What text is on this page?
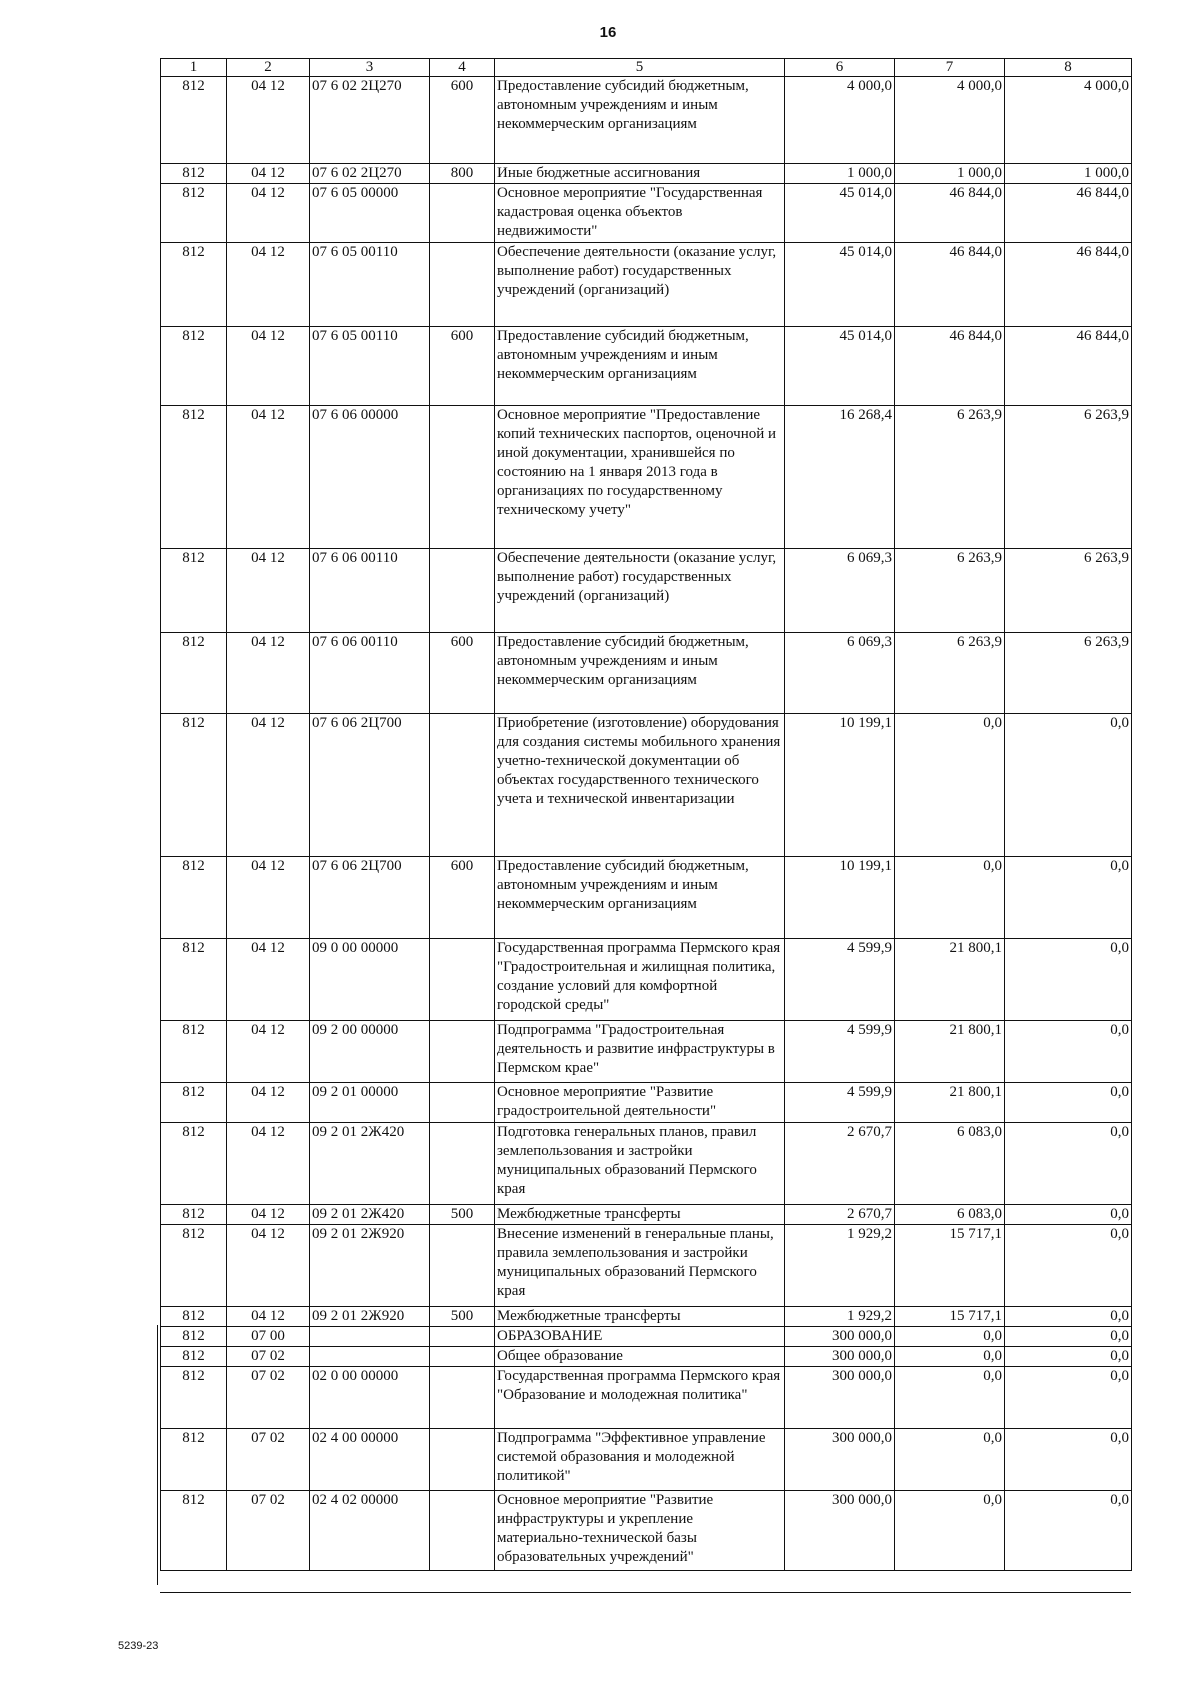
16
1	2	3	4	5	6	7	8
812	04 12	07 6 02 2Ц270	600	Предоставление субсидий бюджетным, автономным учреждениям и иным некоммерческим организациям	4 000,0	4 000,0	4 000,0
812	04 12	07 6 02 2Ц270	800	Иные бюджетные ассигнования	1 000,0	1 000,0	1 000,0
812	04 12	07 6 05 00000		Основное мероприятие "Государственная кадастровая оценка объектов недвижимости"	45 014,0	46 844,0	46 844,0
812	04 12	07 6 05 00110		Обеспечение деятельности (оказание услуг, выполнение работ) государственных учреждений (организаций)	45 014,0	46 844,0	46 844,0
812	04 12	07 6 05 00110	600	Предоставление субсидий бюджетным, автономным учреждениям и иным некоммерческим организациям	45 014,0	46 844,0	46 844,0
812	04 12	07 6 06 00000		Основное мероприятие "Предоставление копий технических паспортов, оценочной и иной документации, хранившейся по состоянию на 1 января 2013 года в организациях по государственному техническому учету"	16 268,4	6 263,9	6 263,9
812	04 12	07 6 06 00110		Обеспечение деятельности (оказание услуг, выполнение работ) государственных учреждений (организаций)	6 069,3	6 263,9	6 263,9
812	04 12	07 6 06 00110	600	Предоставление субсидий бюджетным, автономным учреждениям и иным некоммерческим организациям	6 069,3	6 263,9	6 263,9
812	04 12	07 6 06 2Ц700		Приобретение (изготовление) оборудования для создания системы мобильного хранения учетно-технической документации об объектах государственного технического учета и технической инвентаризации	10 199,1	0,0	0,0
812	04 12	07 6 06 2Ц700	600	Предоставление субсидий бюджетным, автономным учреждениям и иным некоммерческим организациям	10 199,1	0,0	0,0
812	04 12	09 0 00 00000		Государственная программа Пермского края "Градостроительная и жилищная политика, создание условий для комфортной городской среды"	4 599,9	21 800,1	0,0
812	04 12	09 2 00 00000		Подпрограмма "Градостроительная деятельность и развитие инфраструктуры в Пермском крае"	4 599,9	21 800,1	0,0
812	04 12	09 2 01 00000		Основное мероприятие "Развитие градостроительной деятельности"	4 599,9	21 800,1	0,0
812	04 12	09 2 01 2Ж420		Подготовка генеральных планов, правил землепользования и застройки муниципальных образований Пермского края	2 670,7	6 083,0	0,0
812	04 12	09 2 01 2Ж420	500	Межбюджетные трансферты	2 670,7	6 083,0	0,0
812	04 12	09 2 01 2Ж920		Внесение изменений в генеральные планы, правила землепользования и застройки муниципальных образований Пермского края	1 929,2	15 717,1	0,0
812	04 12	09 2 01 2Ж920	500	Межбюджетные трансферты	1 929,2	15 717,1	0,0
812	07 00			ОБРАЗОВАНИЕ	300 000,0	0,0	0,0
812	07 02			Общее образование	300 000,0	0,0	0,0
812	07 02	02 0 00 00000		Государственная программа Пермского края "Образование и молодежная политика"	300 000,0	0,0	0,0
812	07 02	02 4 00 00000		Подпрограмма "Эффективное управление системой образования и молодежной политикой"	300 000,0	0,0	0,0
812	07 02	02 4 02 00000		Основное мероприятие "Развитие инфраструктуры и укрепление материально-технической базы образовательных учреждений"	300 000,0	0,0	0,0
5239-23
